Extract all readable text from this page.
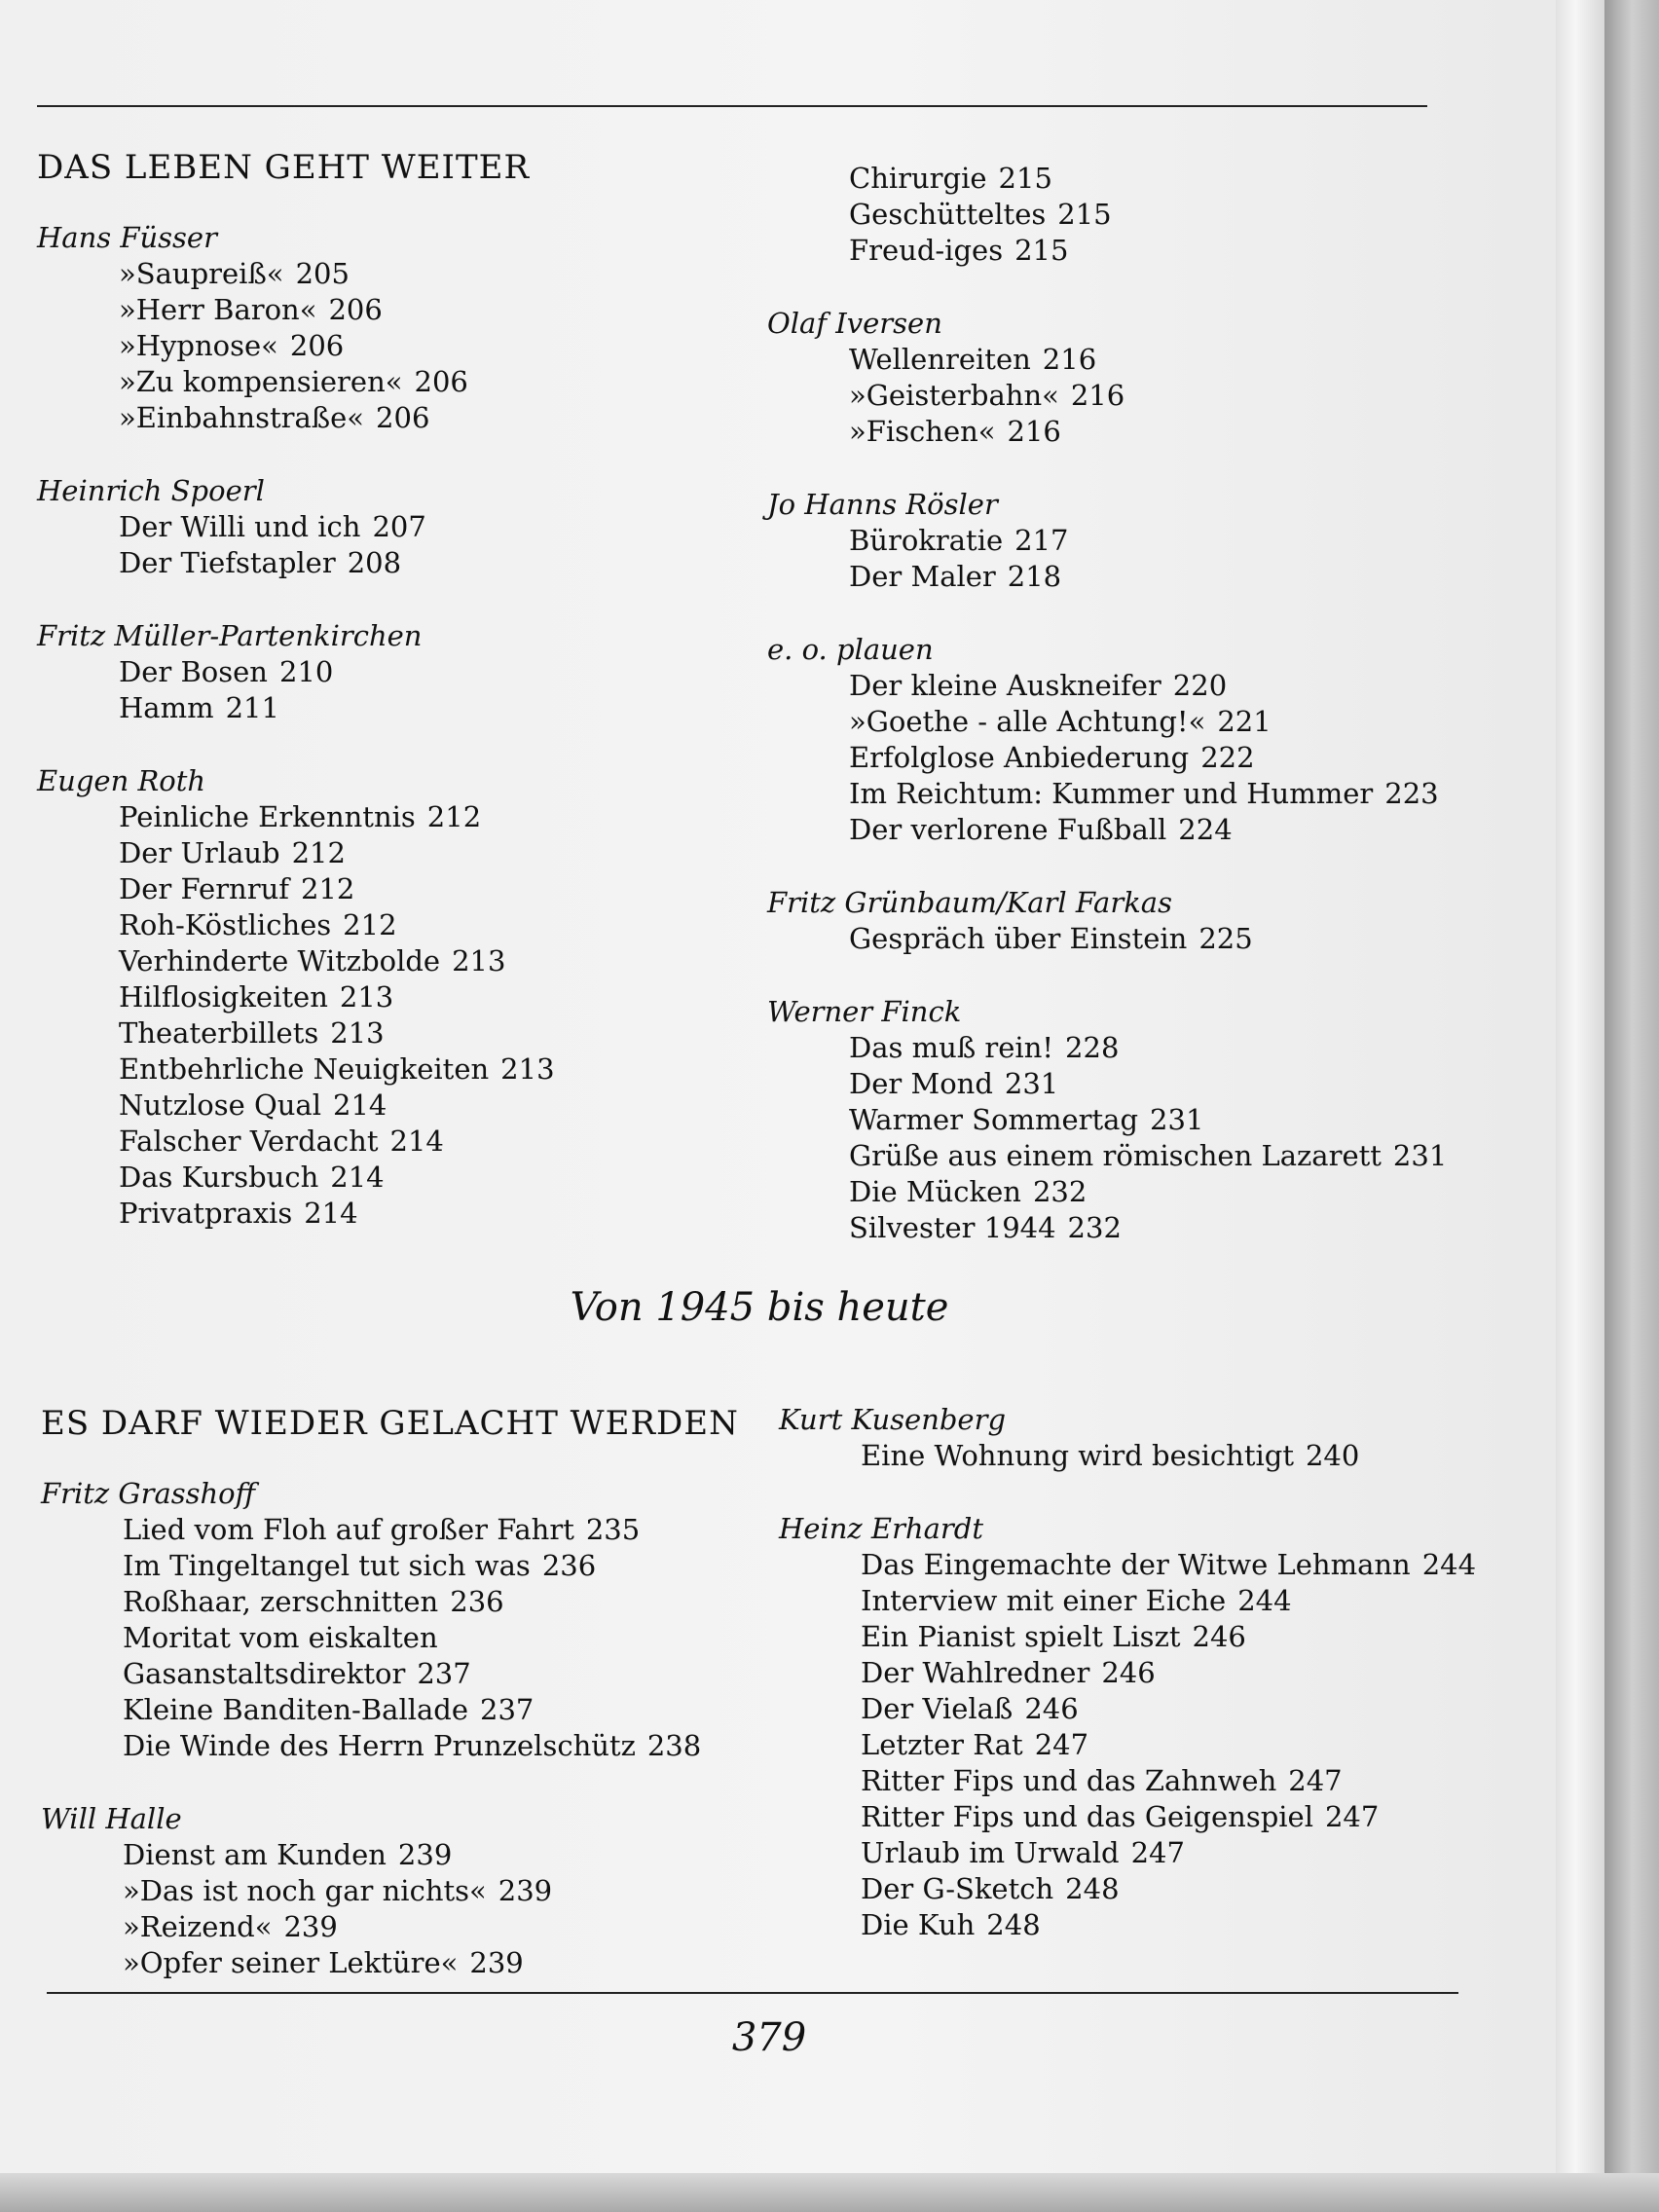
DAS LEBEN GEHT WEITER

Hans Füsser

»Saupreiß« 205
»Herr Baron« 206
»Hypnose« 206
»Zu kompensieren« 206
»Einbahnstraße« 206

Heinrich Spoerl

Der Willi und ich 207
Der Tiefstapler 208

Fritz Müller-Partenkirchen

Der Bosen 210
Hamm 211

Eugen Roth

Peinliche Erkenntnis 212
Der Urlaub 212
Der Fernruf 212
Roh-Köstliches 212
Verhinderte Witzbolde 213
Hilflosigkeiten 213
Theaterbillets 213
Entbehrliche Neuigkeiten 213
Nutzlose Qual 214
Falscher Verdacht 214
Das Kursbuch 214
Privatpraxis 214
Chirurgie 215
Geschütteltes 215
Freud-iges 215

Olaf Iversen

Wellenreiten 216
»Geisterbahn« 216
»Fischen« 216

Jo Hanns Rösler

Bürokratie 217
Der Maler 218

e. o. plauen

Der kleine Auskneifer 220
»Goethe - alle Achtung!« 221
Erfolglose Anbiederung 222
Im Reichtum: Kummer und Hummer 223
Der verlorene Fußball 224

Fritz Grünbaum/Karl Farkas

Gespräch über Einstein 225

Werner Finck

Das muß rein! 228
Der Mond 231
Warmer Sommertag 231
Grüße aus einem römischen Lazarett 231
Die Mücken 232
Silvester 1944 232
Von 1945 bis heute
ES DARF WIEDER GELACHT WERDEN

Fritz Grasshoff

Lied vom Floh auf großer Fahrt 235
Im Tingeltangel tut sich was 236
Roßhaar, zerschnitten 236
Moritat vom eiskalten Gasanstaltsdirektor 237
Kleine Banditen-Ballade 237
Die Winde des Herrn Prunzelschütz 238

Will Halle

Dienst am Kunden 239
»Das ist noch gar nichts« 239
»Reizend« 239
»Opfer seiner Lektüre« 239

Kurt Kusenberg

Eine Wohnung wird besichtigt 240

Heinz Erhardt

Das Eingemachte der Witwe Lehmann 244
Interview mit einer Eiche 244
Ein Pianist spielt Liszt 246
Der Wahlredner 246
Der Vielaß 246
Letzter Rat 247
Ritter Fips und das Zahnweh 247
Ritter Fips und das Geigenspiel 247
Urlaub im Urwald 247
Der G-Sketch 248
Die Kuh 248
379
